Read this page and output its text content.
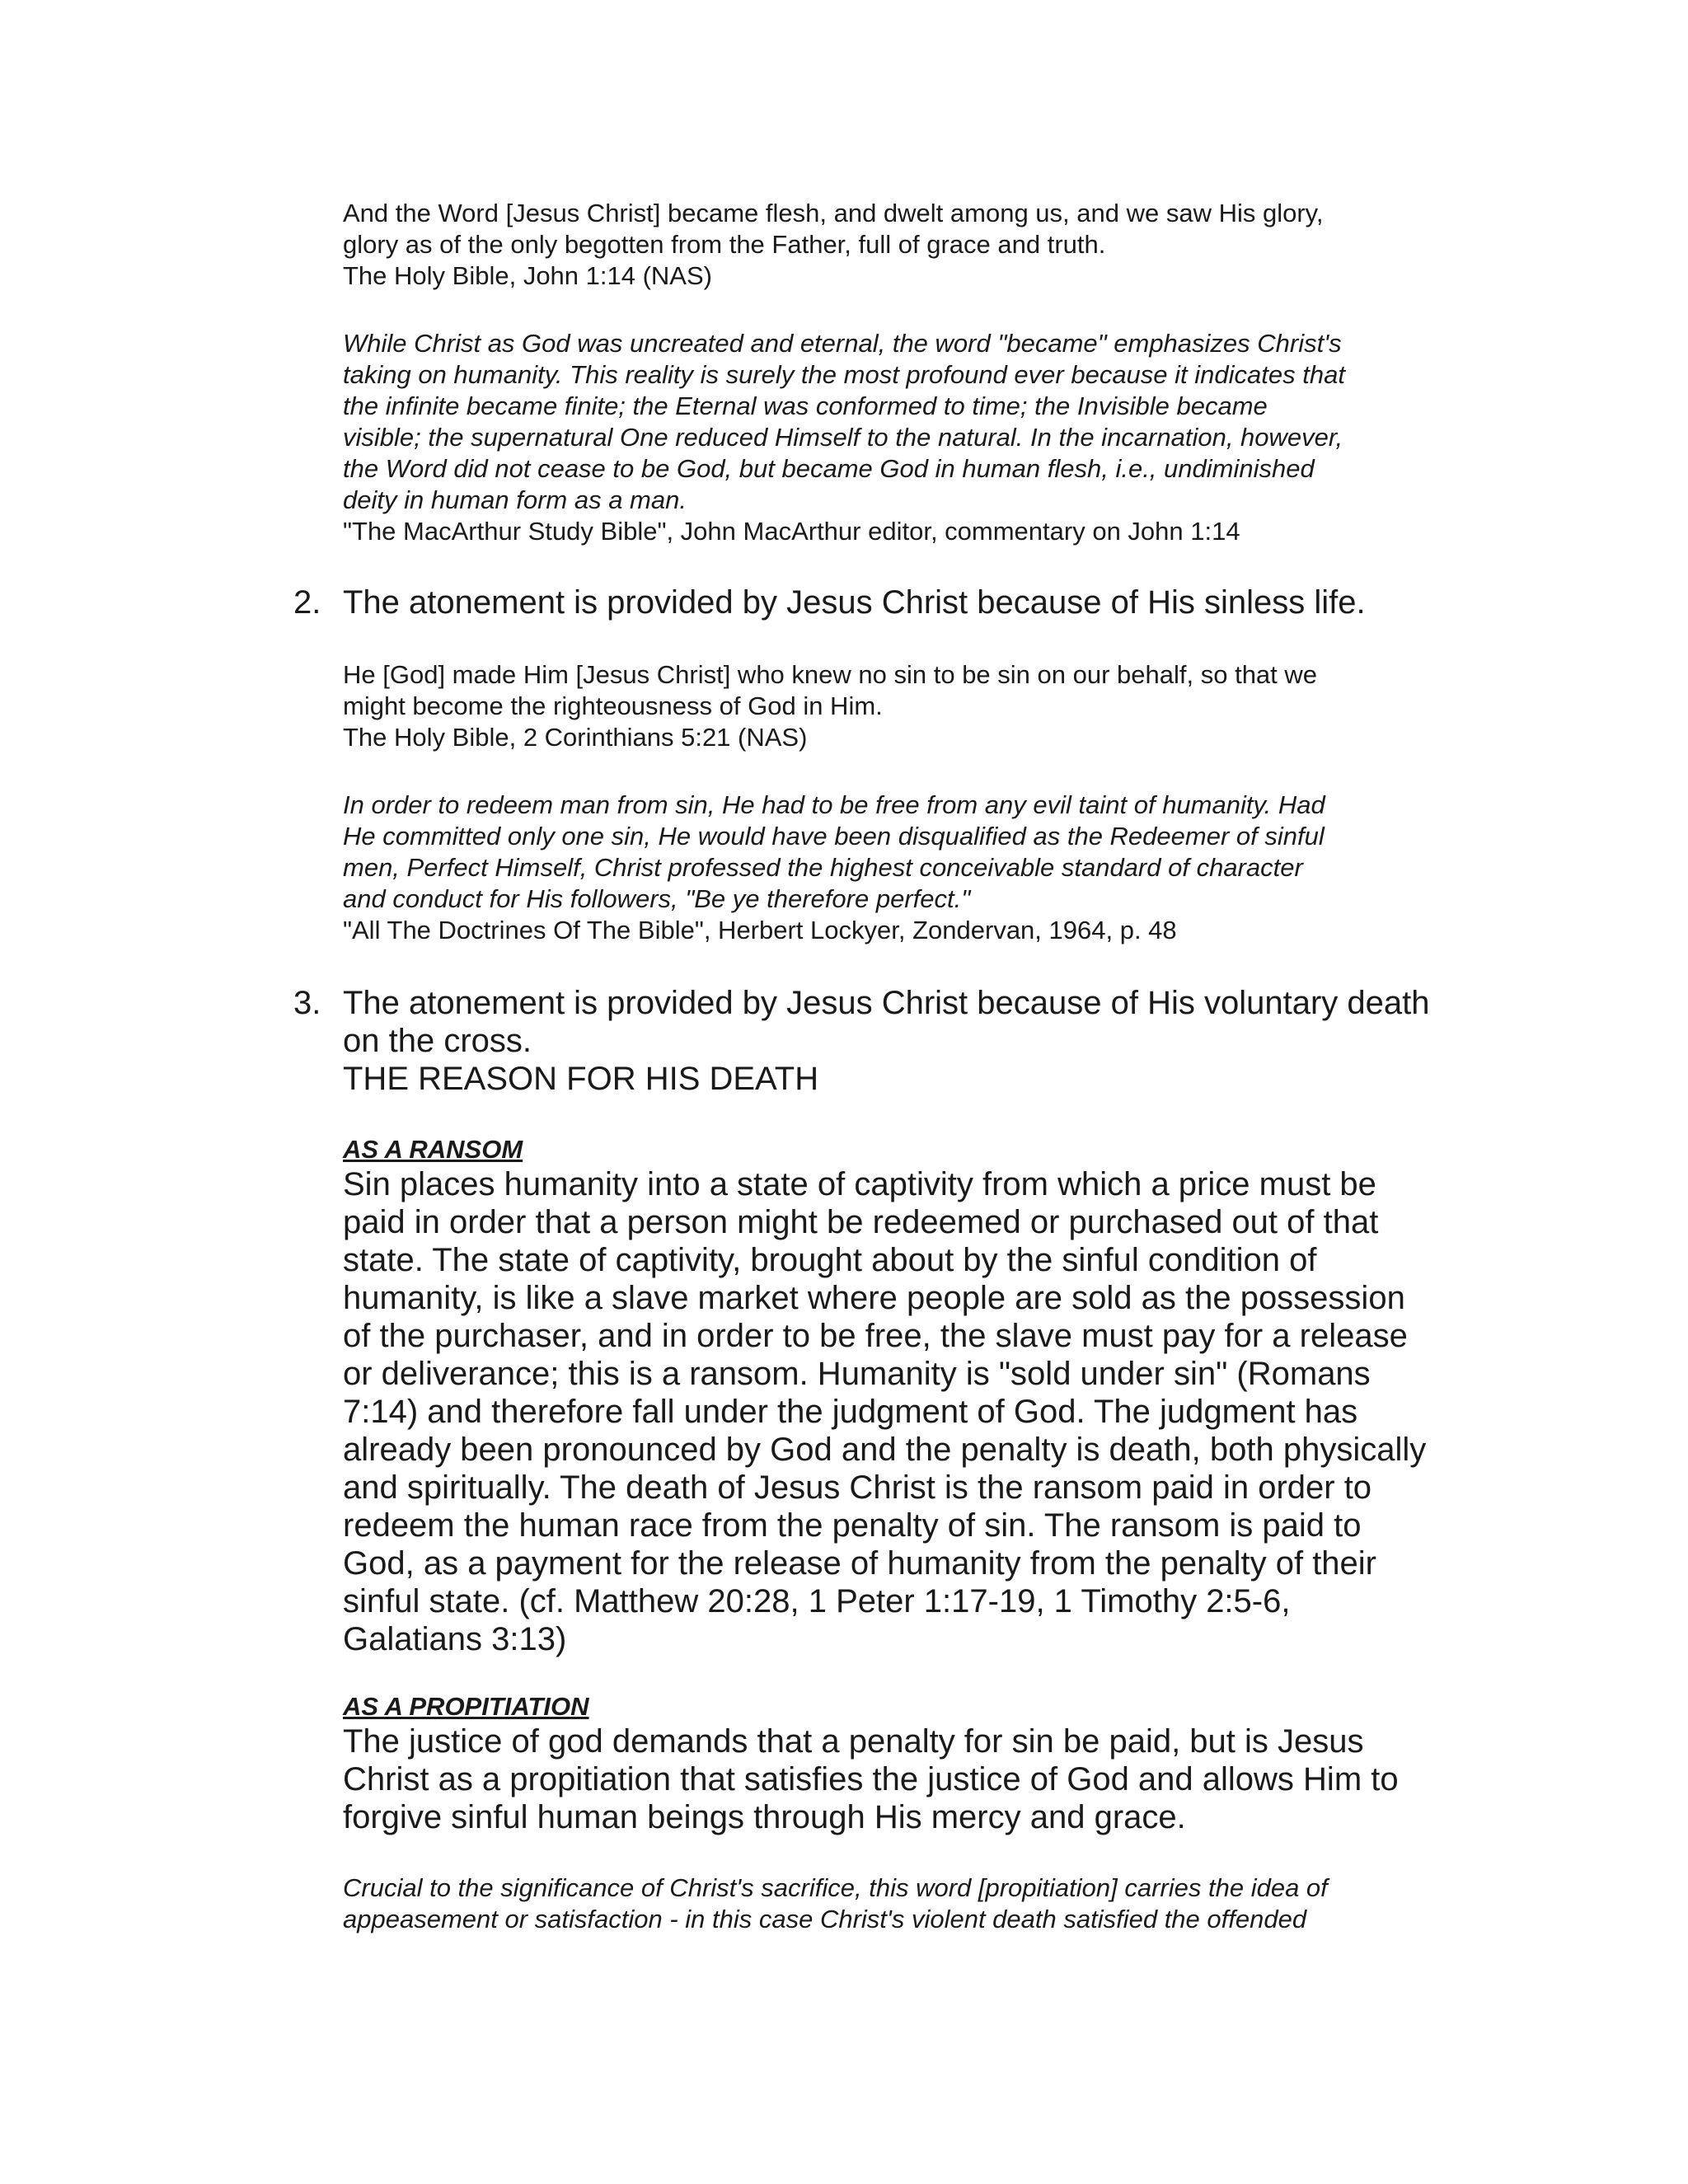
And the Word [Jesus Christ] became flesh, and dwelt among us, and we saw His glory,
glory as of the only begotten from the Father, full of grace and truth.
The Holy Bible, John 1:14 (NAS)
While Christ as God was uncreated and eternal, the word "became" emphasizes Christ's
taking on humanity. This reality is surely the most profound ever because it indicates that
the infinite became finite; the Eternal was conformed to time; the Invisible became
visible; the supernatural One reduced Himself to the natural. In the incarnation, however,
the Word did not cease to be God, but became God in human flesh, i.e., undiminished
deity in human form as a man.
"The MacArthur Study Bible", John MacArthur editor, commentary on John 1:14
2. The atonement is provided by Jesus Christ because of His sinless life.
He [God] made Him [Jesus Christ] who knew no sin to be sin on our behalf, so that we
might become the righteousness of God in Him.
The Holy Bible, 2 Corinthians 5:21 (NAS)
In order to redeem man from sin, He had to be free from any evil taint of humanity. Had
He committed only one sin, He would have been disqualified as the Redeemer of sinful
men, Perfect Himself, Christ professed the highest conceivable standard of character
and conduct for His followers, "Be ye therefore perfect."
"All The Doctrines Of The Bible", Herbert Lockyer, Zondervan, 1964, p. 48
3. The atonement is provided by Jesus Christ because of His voluntary death
on the cross.
THE REASON FOR HIS DEATH
AS A RANSOM
Sin places humanity into a state of captivity from which a price must be
paid in order that a person might be redeemed or purchased out of that
state. The state of captivity, brought about by the sinful condition of
humanity, is like a slave market where people are sold as the possession
of the purchaser, and in order to be free, the slave must pay for a release
or deliverance; this is a ransom. Humanity is "sold under sin" (Romans
7:14) and therefore fall under the judgment of God. The judgment has
already been pronounced by God and the penalty is death, both physically
and spiritually. The death of Jesus Christ is the ransom paid in order to
redeem the human race from the penalty of sin. The ransom is paid to
God, as a payment for the release of humanity from the penalty of their
sinful state. (cf. Matthew 20:28, 1 Peter 1:17-19, 1 Timothy 2:5-6,
Galatians 3:13)
AS A PROPITIATION
The justice of god demands that a penalty for sin be paid, but is Jesus
Christ as a propitiation that satisfies the justice of God and allows Him to
forgive sinful human beings through His mercy and grace.
Crucial to the significance of Christ's sacrifice, this word [propitiation] carries the idea of
appeasement or satisfaction - in this case Christ's violent death satisfied the offended
